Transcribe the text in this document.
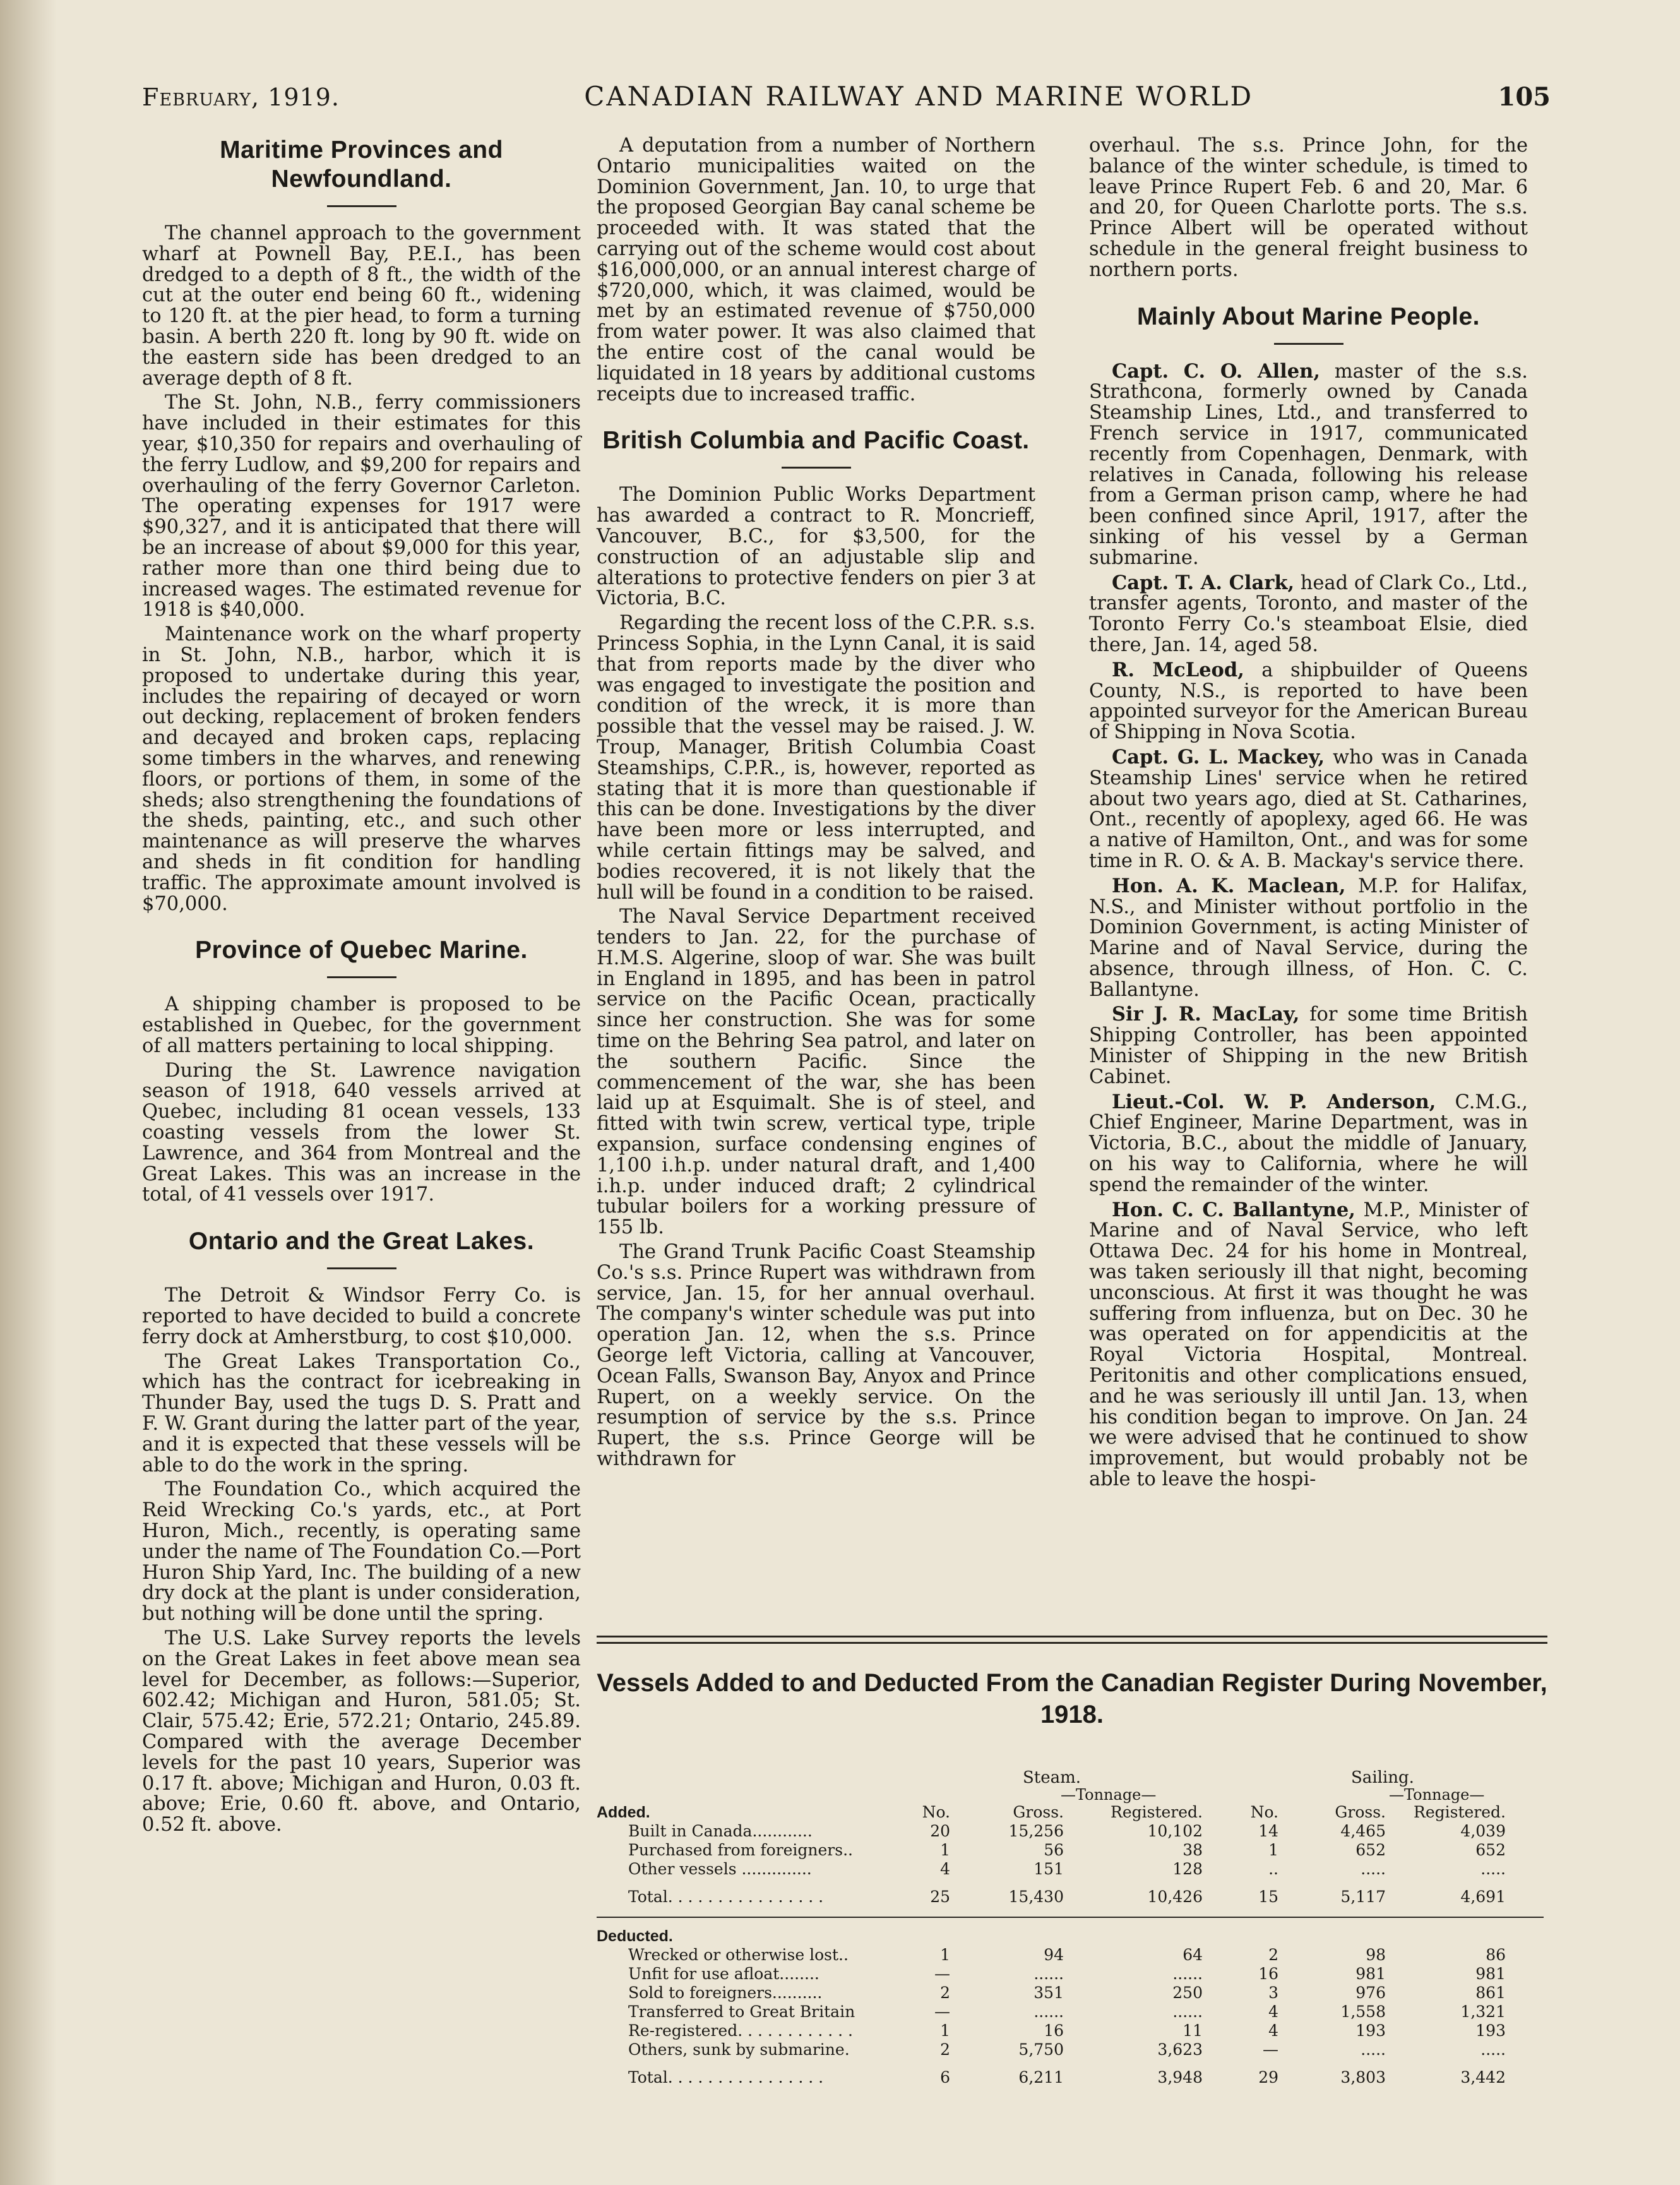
February, 1919.	CANADIAN RAILWAY AND MARINE WORLD	105
Maritime Provinces and Newfoundland.

The channel approach to the government wharf at Pownell Bay, P.E.I., has been dredged to a depth of 8 ft., the width of the cut at the outer end being 60 ft., widening to 120 ft. at the pier head, to form a turning basin. A berth 220 ft. long by 90 ft. wide on the eastern side has been dredged to an average depth of 8 ft.

The St. John, N.B., ferry commissioners have included in their estimates for this year, $10,350 for repairs and overhauling of the ferry Ludlow, and $9,200 for repairs and overhauling of the ferry Governor Carleton. The operating expenses for 1917 were $90,327, and it is anticipated that there will be an increase of about $9,000 for this year, rather more than one third being due to increased wages. The estimated revenue for 1918 is $40,000.

Maintenance work on the wharf property in St. John, N.B., harbor, which it is proposed to undertake during this year, includes the repairing of decayed or worn out decking, replacement of broken fenders and decayed and broken caps, replacing some timbers in the wharves, and renewing floors, or portions of them, in some of the sheds; also strengthening the foundations of the sheds, painting, etc., and such other maintenance as will preserve the wharves and sheds in fit condition for handling traffic. The approximate amount involved is $70,000.

Province of Quebec Marine.

A shipping chamber is proposed to be established in Quebec, for the government of all matters pertaining to local shipping.

During the St. Lawrence navigation season of 1918, 640 vessels arrived at Quebec, including 81 ocean vessels, 133 coasting vessels from the lower St. Lawrence, and 364 from Montreal and the Great Lakes. This was an increase in the total, of 41 vessels over 1917.

Ontario and the Great Lakes.

The Detroit & Windsor Ferry Co. is reported to have decided to build a concrete ferry dock at Amherstburg, to cost $10,000.

The Great Lakes Transportation Co., which has the contract for icebreaking in Thunder Bay, used the tugs D. S. Pratt and F. W. Grant during the latter part of the year, and it is expected that these vessels will be able to do the work in the spring.

The Foundation Co., which acquired the Reid Wrecking Co.'s yards, etc., at Port Huron, Mich., recently, is operating same under the name of The Foundation Co.—Port Huron Ship Yard, Inc. The building of a new dry dock at the plant is under consideration, but nothing will be done until the spring.

The U.S. Lake Survey reports the levels on the Great Lakes in feet above mean sea level for December, as follows:—Superior, 602.42; Michigan and Huron, 581.05; St. Clair, 575.42; Erie, 572.21; Ontario, 245.89. Compared with the average December levels for the past 10 years, Superior was 0.17 ft. above; Michigan and Huron, 0.03 ft. above; Erie, 0.60 ft. above, and Ontario, 0.52 ft. above.

A deputation from a number of Northern Ontario municipalities waited on the Dominion Government, Jan. 10, to urge that the proposed Georgian Bay canal scheme be proceeded with. It was stated that the carrying out of the scheme would cost about $16,000,000, or an annual interest charge of $720,000, which, it was claimed, would be met by an estimated revenue of $750,000 from water power. It was also claimed that the entire cost of the canal would be liquidated in 18 years by additional customs receipts due to increased traffic.

British Columbia and Pacific Coast.

The Dominion Public Works Department has awarded a contract to R. Moncrieff, Vancouver, B.C., for $3,500, for the construction of an adjustable slip and alterations to protective fenders on pier 3 at Victoria, B.C.

Regarding the recent loss of the C.P.R. s.s. Princess Sophia, in the Lynn Canal, it is said that from reports made by the diver who was engaged to investigate the position and condition of the wreck, it is more than possible that the vessel may be raised. J. W. Troup, Manager, British Columbia Coast Steamships, C.P.R., is, however, reported as stating that it is more than questionable if this can be done. Investigations by the diver have been more or less interrupted, and while certain fittings may be salved, and bodies recovered, it is not likely that the hull will be found in a condition to be raised.

The Naval Service Department received tenders to Jan. 22, for the purchase of H.M.S. Algerine, sloop of war. She was built in England in 1895, and has been in patrol service on the Pacific Ocean, practically since her construction. She was for some time on the Behring Sea patrol, and later on the southern Pacific. Since the commencement of the war, she has been laid up at Esquimalt. She is of steel, and fitted with twin screw, vertical type, triple expansion, surface condensing engines of 1,100 i.h.p. under natural draft, and 1,400 i.h.p. under induced draft; 2 cylindrical tubular boilers for a working pressure of 155 lb.

The Grand Trunk Pacific Coast Steamship Co.'s s.s. Prince Rupert was withdrawn from service, Jan. 15, for her annual overhaul. The company's winter schedule was put into operation Jan. 12, when the s.s. Prince George left Victoria, calling at Vancouver, Ocean Falls, Swanson Bay, Anyox and Prince Rupert, on a weekly service. On the resumption of service by the s.s. Prince Rupert, the s.s. Prince George will be withdrawn for

overhaul. The s.s. Prince John, for the balance of the winter schedule, is timed to leave Prince Rupert Feb. 6 and 20, Mar. 6 and 20, for Queen Charlotte ports. The s.s. Prince Albert will be operated without schedule in the general freight business to northern ports.

Mainly About Marine People.

Capt. C. O. Allen, master of the s.s. Strathcona, formerly owned by Canada Steamship Lines, Ltd., and transferred to French service in 1917, communicated recently from Copenhagen, Denmark, with relatives in Canada, following his release from a German prison camp, where he had been confined since April, 1917, after the sinking of his vessel by a German submarine.

Capt. T. A. Clark, head of Clark Co., Ltd., transfer agents, Toronto, and master of the Toronto Ferry Co.'s steamboat Elsie, died there, Jan. 14, aged 58.

R. McLeod, a shipbuilder of Queens County, N.S., is reported to have been appointed surveyor for the American Bureau of Shipping in Nova Scotia.

Capt. G. L. Mackey, who was in Canada Steamship Lines' service when he retired about two years ago, died at St. Catharines, Ont., recently of apoplexy, aged 66. He was a native of Hamilton, Ont., and was for some time in R. O. & A. B. Mackay's service there.

Hon. A. K. Maclean, M.P. for Halifax, N.S., and Minister without portfolio in the Dominion Government, is acting Minister of Marine and of Naval Service, during the absence, through illness, of Hon. C. C. Ballantyne.

Sir J. R. MacLay, for some time British Shipping Controller, has been appointed Minister of Shipping in the new British Cabinet.

Lieut.-Col. W. P. Anderson, C.M.G., Chief Engineer, Marine Department, was in Victoria, B.C., about the middle of January, on his way to California, where he will spend the remainder of the winter.

Hon. C. C. Ballantyne, M.P., Minister of Marine and of Naval Service, who left Ottawa Dec. 24 for his home in Montreal, was taken seriously ill that night, becoming unconscious. At first it was thought he was suffering from influenza, but on Dec. 30 he was operated on for appendicitis at the Royal Victoria Hospital, Montreal. Peritonitis and other complications ensued, and he was seriously ill until Jan. 13, when his condition began to improve. On Jan. 24 we were advised that he continued to show improvement, but would probably not be able to leave the hospi-

Vessels Added to and Deducted From the Canadian Register During November, 1918.
Steam.	Sailing.
—Tonnage—	—Tonnage—
Added.	No.	Gross.	Registered.	No.	Gross.	Registered.
Built in Canada............	20	15,256	10,102	14	4,465	4,039
Purchased from foreigners..	1	56	38	1	652	652
Other vessels ..............	4	151	128	..	.....	.....
Total. . . . . . . . . . . . . . . .	25	15,430	10,426	15	5,117	4,691
Deducted.
Wrecked or otherwise lost..	1	94	64	2	98	86
Unfit for use afloat........	—	......	......	16	981	981
Sold to foreigners..........	2	351	250	3	976	861
Transferred to Great Britain	—	......	......	4	1,558	1,321
Re-registered. . . . . . . . . . . .	1	16	11	4	193	193
Others, sunk by submarine.	2	5,750	3,623	—	.....	.....
Total. . . . . . . . . . . . . . . .	6	6,211	3,948	29	3,803	3,442
